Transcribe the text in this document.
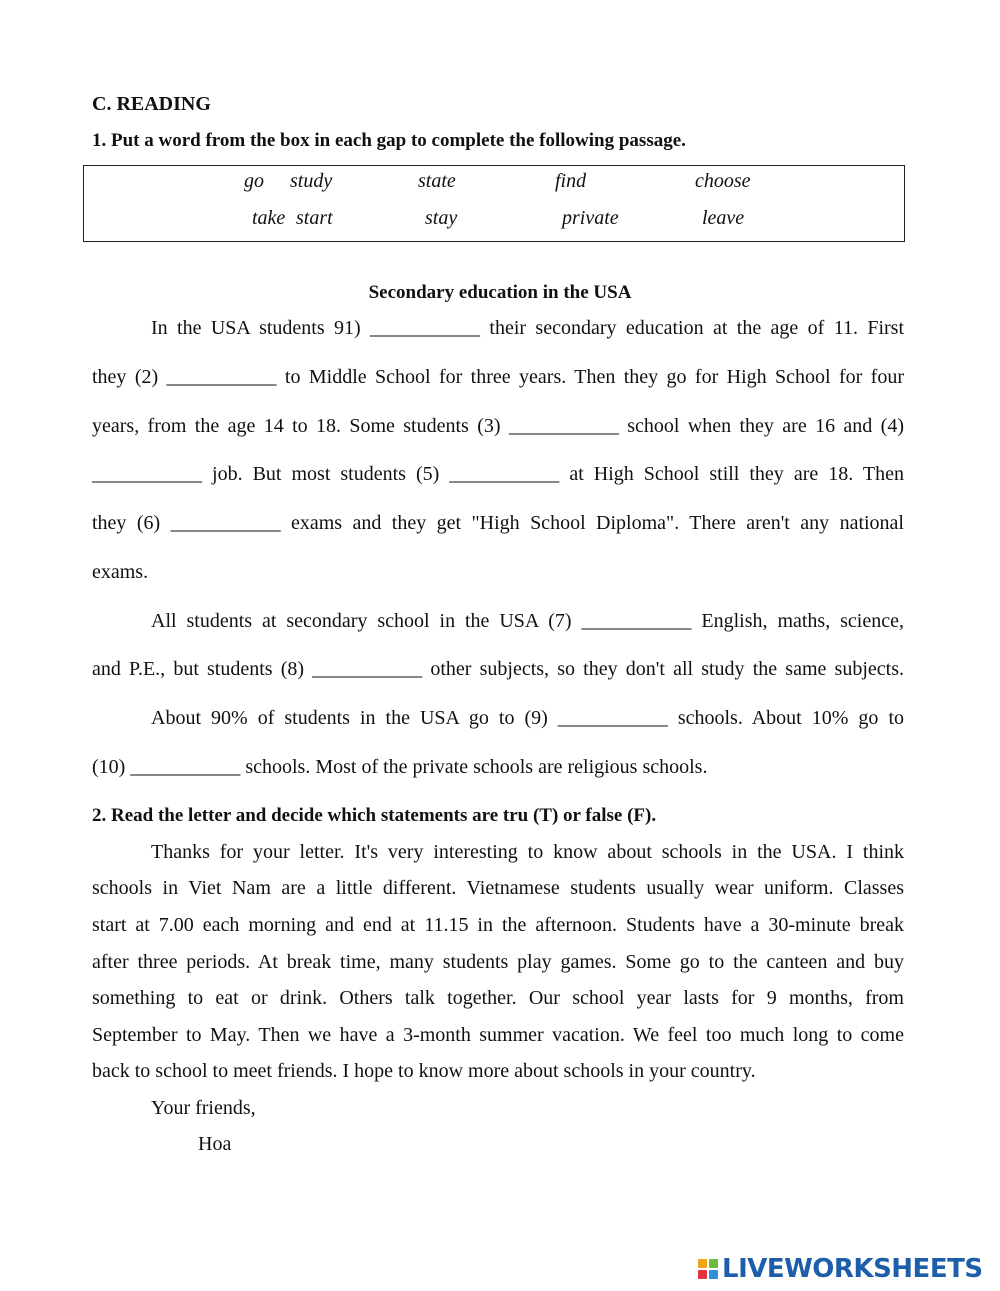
C. READING
1. Put a word from the box in each gap to complete the following passage.
go study	state	find	choose
take start	stay	private	leave
Secondary education in the USA
In the USA students 91) ___________ their secondary education at the age of 11. First
they (2) ___________ to Middle School for three years. Then they go for High School for four
years, from the age 14 to 18. Some students (3) ___________ school when they are 16 and (4)
___________ job. But most students (5) ___________ at High School still they are 18. Then
they (6) ___________ exams and they get "High School Diploma". There aren't any national
exams.
All students at secondary school in the USA (7) ___________ English, maths, science,
and P.E., but students (8) ___________ other subjects, so they don't all study the same subjects.
About 90% of students in the USA go to (9) ___________ schools. About 10% go to
(10) ___________ schools. Most of the private schools are religious schools.
2. Read the letter and decide which statements are tru (T) or false (F).
Thanks for your letter. It's very interesting to know about schools in the USA. I think
schools in Viet Nam are a little different. Vietnamese students usually wear uniform. Classes
start at 7.00 each morning and end at 11.15 in the afternoon. Students have a 30-minute break
after three periods. At break time, many students play games. Some go to the canteen and buy
something to eat or drink. Others talk together. Our school year lasts for 9 months, from
September to May. Then we have a 3-month summer vacation. We feel too much long to come
back to school to meet friends. I hope to know more about schools in your country.
Your friends,
Hoa
LIVEWORKSHEETS
